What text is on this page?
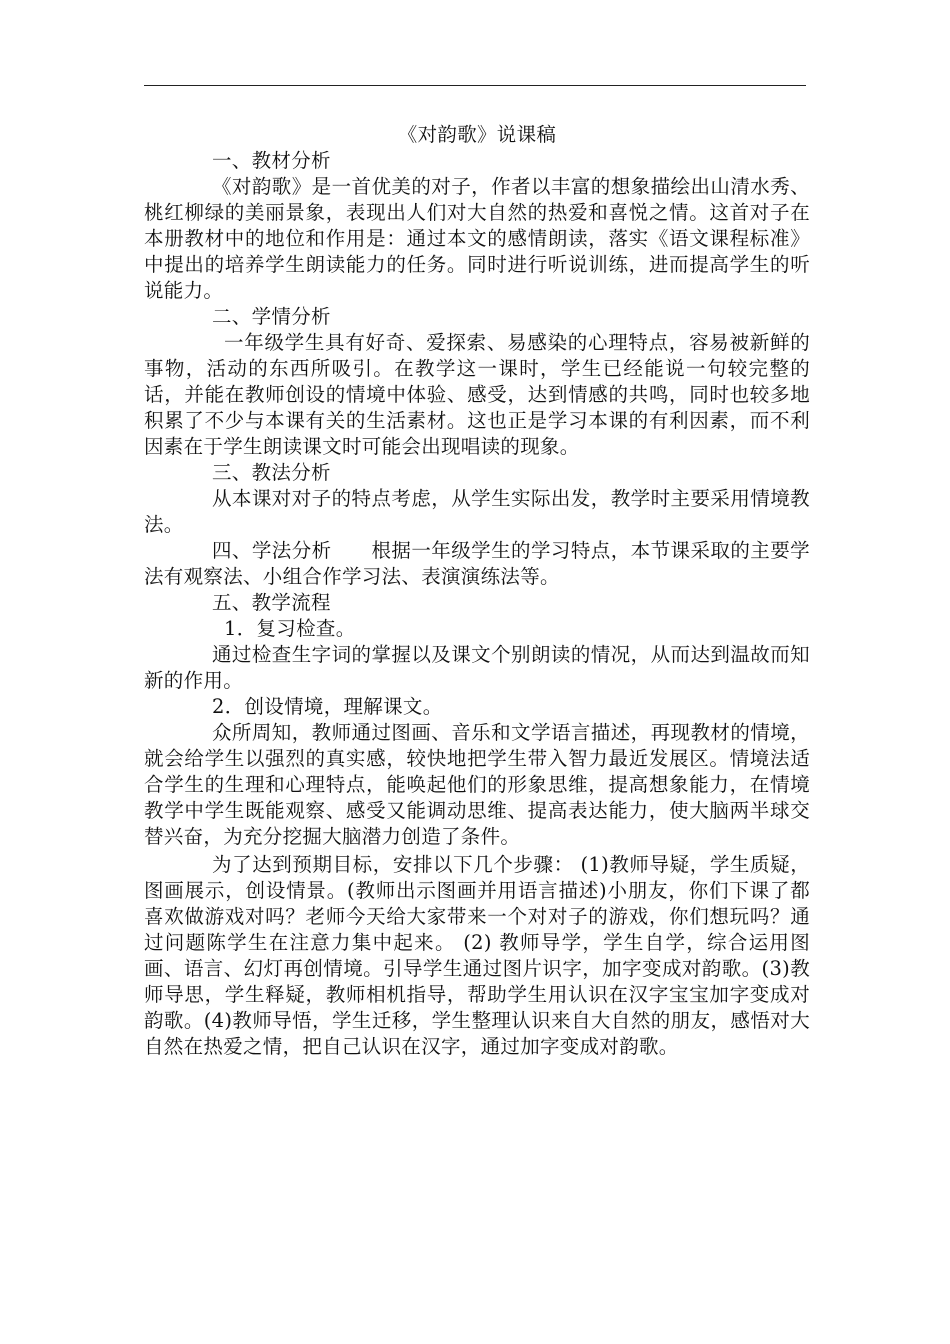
《对韵歌》说课稿

一、教材分析

《对韵歌》是一首优美的对子，作者以丰富的想象描绘出山清水秀、桃红柳绿的美丽景象，表现出人们对大自然的热爱和喜悦之情。这首对子在本册教材中的地位和作用是：通过本文的感情朗读，落实《语文课程标准》中提出的培养学生朗读能力的任务。同时进行听说训练，进而提高学生的听说能力。

二、学情分析

一年级学生具有好奇、爱探索、易感染的心理特点，容易被新鲜的事物，活动的东西所吸引。在教学这一课时，学生已经能说一句较完整的话，并能在教师创设的情境中体验、感受，达到情感的共鸣，同时也较多地积累了不少与本课有关的生活素材。这也正是学习本课的有利因素，而不利因素在于学生朗读课文时可能会出现唱读的现象。

三、教法分析

从本课对对子的特点考虑，从学生实际出发，教学时主要采用情境教法。

四、学法分析　　根据一年级学生的学习特点，本节课采取的主要学法有观察法、小组合作学习法、表演演练法等。

五、教学流程

1．复习检查。

通过检查生字词的掌握以及课文个别朗读的情况，从而达到温故而知新的作用。

2．创设情境，理解课文。

众所周知，教师通过图画、音乐和文学语言描述，再现教材的情境，就会给学生以强烈的真实感，较快地把学生带入智力最近发展区。情境法适合学生的生理和心理特点，能唤起他们的形象思维，提高想象能力，在情境教学中学生既能观察、感受又能调动思维、提高表达能力，使大脑两半球交替兴奋，为充分挖掘大脑潜力创造了条件。

为了达到预期目标，安排以下几个步骤： (1)教师导疑，学生质疑，图画展示，创设情景。(教师出示图画并用语言描述)小朋友，你们下课了都喜欢做游戏对吗？老师今天给大家带来一个对对子的游戏，你们想玩吗？通过问题陈学生在注意力集中起来。 (2) 教师导学，学生自学，综合运用图画、语言、幻灯再创情境。引导学生通过图片识字，加字变成对韵歌。(3)教师导思，学生释疑，教师相机指导，帮助学生用认识在汉字宝宝加字变成对韵歌。(4)教师导悟，学生迁移，学生整理认识来自大自然的朋友，感悟对大自然在热爱之情，把自己认识在汉字，通过加字变成对韵歌。
